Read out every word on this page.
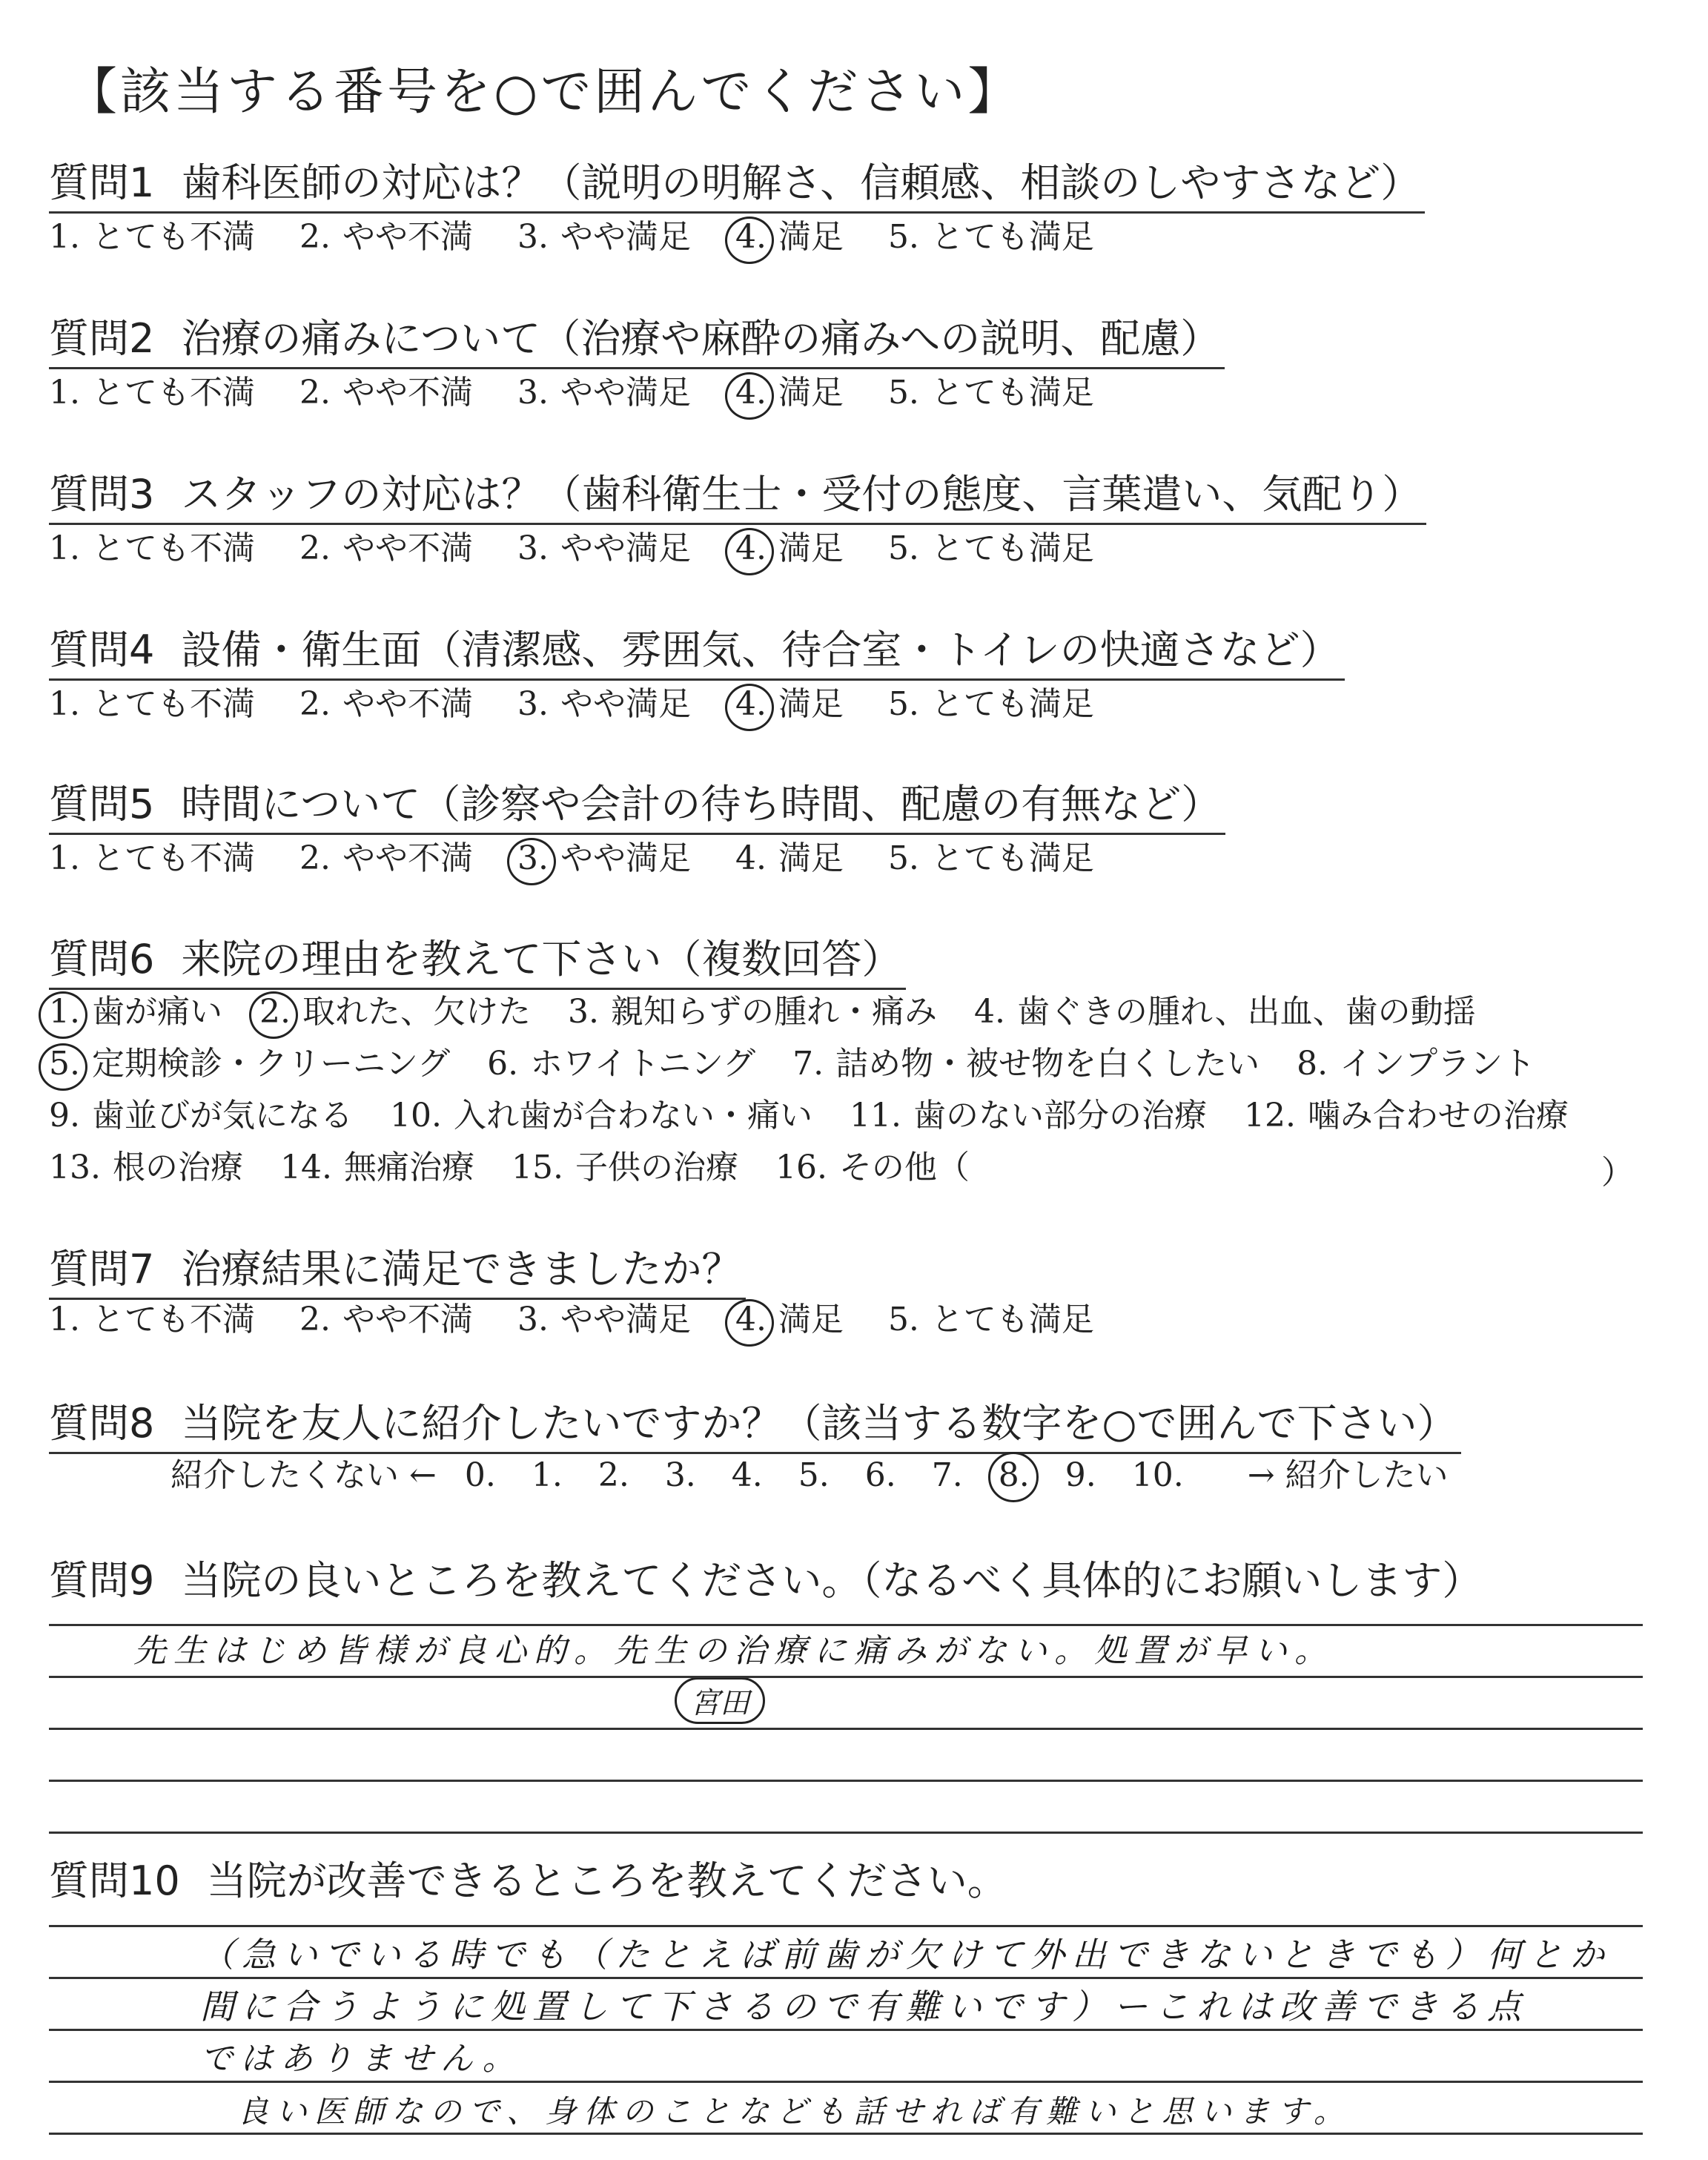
【該当する番号を○で囲んでください】
質問1 歯科医師の対応は？（説明の明解さ、信頼感、相談のしやすさなど）
1. とても不満 2. やや不満 3. やや満足 4. 満足 5. とても満足
質問2 治療の痛みについて（治療や麻酔の痛みへの説明、配慮）
1. とても不満 2. やや不満 3. やや満足 4. 満足 5. とても満足
質問3 スタッフの対応は？（歯科衛生士・受付の態度、言葉遣い、気配り）
1. とても不満 2. やや不満 3. やや満足 4. 満足 5. とても満足
質問4 設備・衛生面（清潔感、雰囲気、待合室・トイレの快適さなど）
1. とても不満 2. やや不満 3. やや満足 4. 満足 5. とても満足
質問5 時間について（診察や会計の待ち時間、配慮の有無など）
1. とても不満 2. やや不満 3. やや満足 4. 満足 5. とても満足
質問6 来院の理由を教えて下さい（複数回答）
1. 歯が痛い 2. 取れた、欠けた 3. 親知らずの腫れ・痛み 4. 歯ぐきの腫れ、出血、歯の動揺
5. 定期検診・クリーニング 6. ホワイトニング 7. 詰め物・被せ物を白くしたい 8. インプラント
9. 歯並びが気になる 10. 入れ歯が合わない・痛い 11. 歯のない部分の治療 12. 噛み合わせの治療
13. 根の治療 14. 無痛治療 15. 子供の治療 16. その他（	）
質問7 治療結果に満足できましたか？
1. とても不満 2. やや不満 3. やや満足 4. 満足 5. とても満足
質問8 当院を友人に紹介したいですか？（該当する数字を○で囲んで下さい）
紹介したくない ← 0. 1. 2. 3. 4. 5. 6. 7. 8. 9. 10. → 紹介したい
質問9 当院の良いところを教えてください。（なるべく具体的にお願いします）
先生はじめ皆様が良心的。先生の治療に痛みがない。処置が早い。
宮田
質問10 当院が改善できるところを教えてください。
（急いでいる時でも（たとえば前歯が欠けて外出できないときでも）何とか
間に合うように処置して下さるので有難いです）ーこれは改善できる点
ではありません。
良い医師なので、身体のことなども話せれば有難いと思います。
